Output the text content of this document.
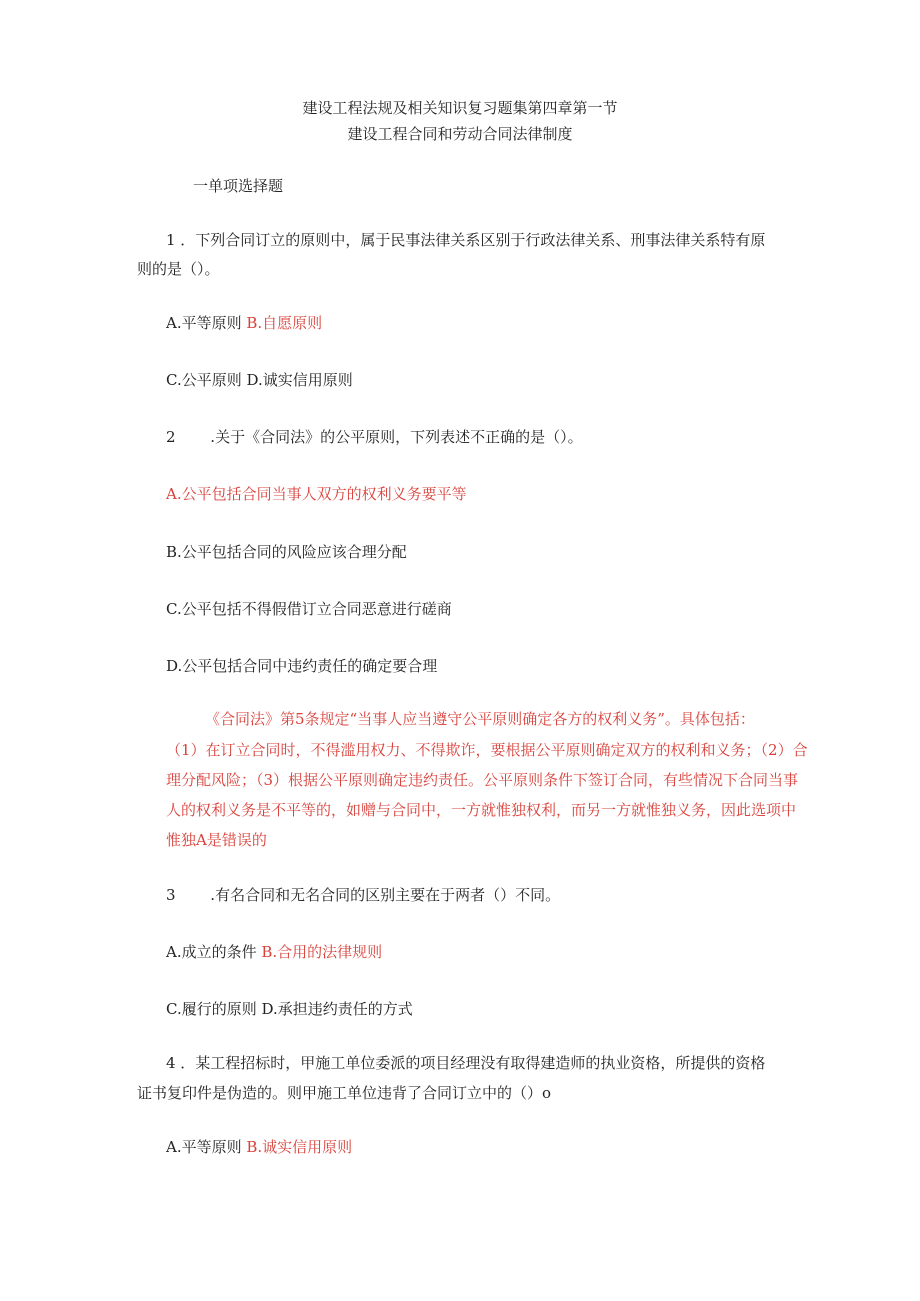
建设工程法规及相关知识复习题集第四章第一节
建设工程合同和劳动合同法律制度
一单项选择题
1 ．下列合同订立的原则中，属于民事法律关系区别于行政法律关系、刑事法律关系特有原
则的是（）。
A.平等原则 B.自愿原则
C.公平原则 D.诚实信用原则
2 　　.关于《合同法》的公平原则，下列表述不正确的是（）。
A.公平包括合同当事人双方的权利义务要平等
B.公平包括合同的风险应该合理分配
C.公平包括不得假借订立合同恶意进行磋商
D.公平包括合同中违约责任的确定要合理
《合同法》第5条规定“当事人应当遵守公平原则确定各方的权利义务”。具体包括：
（1）在订立合同时，不得滥用权力、不得欺诈，要根据公平原则确定双方的权利和义务；（2）合
理分配风险；（3）根据公平原则确定违约责任。公平原则条件下签订合同，有些情况下合同当事
人的权利义务是不平等的，如赠与合同中，一方就惟独权利，而另一方就惟独义务，因此选项中
惟独A是错误的
3 　　.有名合同和无名合同的区别主要在于两者（）不同。
A.成立的条件 B.合用的法律规则
C.履行的原则 D.承担违约责任的方式
4 ．某工程招标时，甲施工单位委派的项目经理没有取得建造师的执业资格，所提供的资格
证书复印件是伪造的。则甲施工单位违背了合同订立中的（）o
A.平等原则 B.诚实信用原则
